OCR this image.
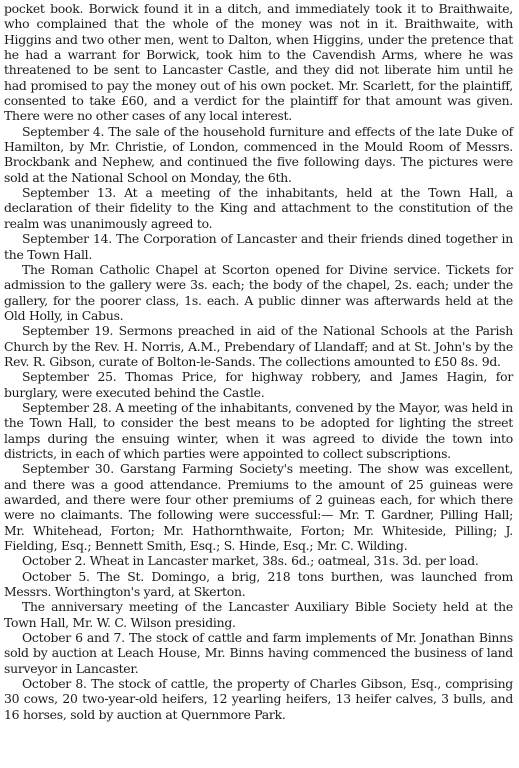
pocket book. Borwick found it in a ditch, and immediately took it to Braithwaite, who complained that the whole of the money was not in it. Braithwaite, with Higgins and two other men, went to Dalton, when Higgins, under the pretence that he had a warrant for Borwick, took him to the Cavendish Arms, where he was threatened to be sent to Lancaster Castle, and they did not liberate him until he had promised to pay the money out of his own pocket. Mr. Scarlett, for the plaintiff, consented to take £60, and a verdict for the plaintiff for that amount was given. There were no other cases of any local interest.

September 4. The sale of the household furniture and effects of the late Duke of Hamilton, by Mr. Christie, of London, commenced in the Mould Room of Messrs. Brockbank and Nephew, and continued the five following days. The pictures were sold at the National School on Monday, the 6th.

September 13. At a meeting of the inhabitants, held at the Town Hall, a declaration of their fidelity to the King and attachment to the constitution of the realm was unanimously agreed to.

September 14. The Corporation of Lancaster and their friends dined together in the Town Hall.

The Roman Catholic Chapel at Scorton opened for Divine service. Tickets for admission to the gallery were 3s. each; the body of the chapel, 2s. each; under the gallery, for the poorer class, 1s. each. A public dinner was afterwards held at the Old Holly, in Cabus.

September 19. Sermons preached in aid of the National Schools at the Parish Church by the Rev. H. Norris, A.M., Prebendary of Llandaff; and at St. John's by the Rev. R. Gibson, curate of Bolton-le-Sands. The collections amounted to £50 8s. 9d.

September 25. Thomas Price, for highway robbery, and James Hagin, for burglary, were executed behind the Castle.

September 28. A meeting of the inhabitants, convened by the Mayor, was held in the Town Hall, to consider the best means to be adopted for lighting the street lamps during the ensuing winter, when it was agreed to divide the town into districts, in each of which parties were appointed to collect subscriptions.

September 30. Garstang Farming Society's meeting. The show was excellent, and there was a good attendance. Premiums to the amount of 25 guineas were awarded, and there were four other premiums of 2 guineas each, for which there were no claimants. The following were successful:— Mr. T. Gardner, Pilling Hall; Mr. Whitehead, Forton; Mr. Hathornthwaite, Forton; Mr. Whiteside, Pilling; J. Fielding, Esq.; Bennett Smith, Esq.; S. Hinde, Esq.; Mr. C. Wilding.

October 2. Wheat in Lancaster market, 38s. 6d.; oatmeal, 31s. 3d. per load.

October 5. The St. Domingo, a brig, 218 tons burthen, was launched from Messrs. Worthington's yard, at Skerton.

The anniversary meeting of the Lancaster Auxiliary Bible Society held at the Town Hall, Mr. W. C. Wilson presiding.

October 6 and 7. The stock of cattle and farm implements of Mr. Jonathan Binns sold by auction at Leach House, Mr. Binns having commenced the business of land surveyor in Lancaster.

October 8. The stock of cattle, the property of Charles Gibson, Esq., comprising 30 cows, 20 two-year-old heifers, 12 yearling heifers, 13 heifer calves, 3 bulls, and 16 horses, sold by auction at Quernmore Park.
